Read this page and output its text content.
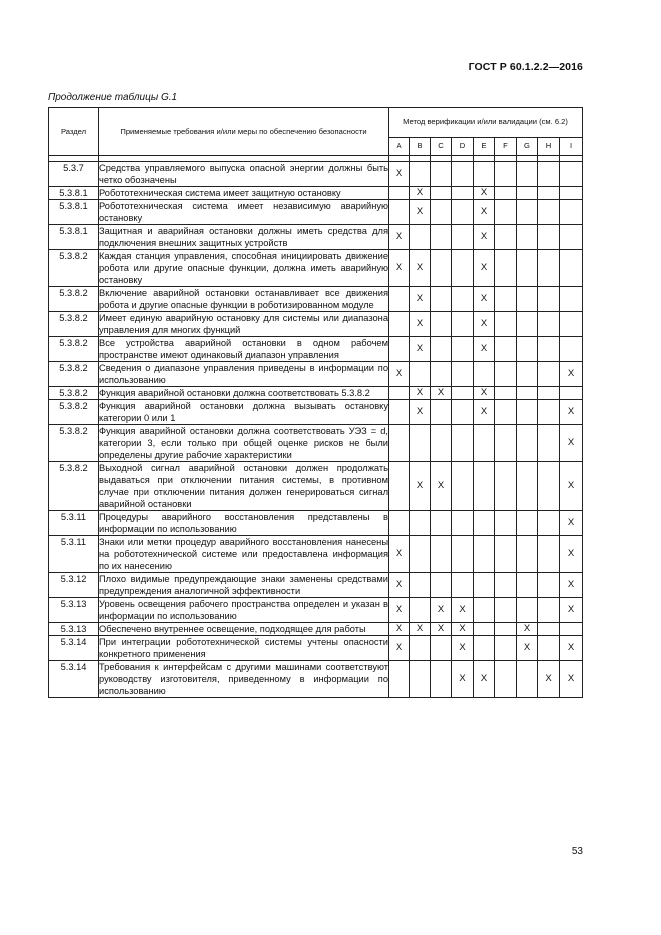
ГОСТ Р 60.1.2.2—2016
Продолжение таблицы G.1
Раздел	Применяемые требования и/или меры по обеспечению безопасности	Метод верификации и/или валидации (см. 6.2)								
		A	B	C	D	E	F	G	H	I

5.3.7	Средства управляемого выпуска опасной энергии должны быть четко обозначены	X								
5.3.8.1	Робототехническая система имеет защитную остановку		X			X				
5.3.8.1	Робототехническая система имеет независимую аварийную остановку		X			X				
5.3.8.1	Защитная и аварийная остановки должны иметь средства для подключения внешних защитных устройств	X				X				
5.3.8.2	Каждая станция управления, способная инициировать движение робота или другие опасные функции, должна иметь аварийную остановку	X	X			X				
5.3.8.2	Включение аварийной остановки останавливает все движения робота и другие опасные функции в роботизированном модуле		X			X				
5.3.8.2	Имеет единую аварийную остановку для системы или диапазона управления для многих функций		X			X				
5.3.8.2	Все устройства аварийной остановки в одном рабочем пространстве имеют одинаковый диапазон управления		X			X				
5.3.8.2	Сведения о диапазоне управления приведены в информации по использованию	X								X
5.3.8.2	Функция аварийной остановки должна соответствовать 5.3.8.2		X	X		X				
5.3.8.2	Функция аварийной остановки должна вызывать остановку категории 0 или 1		X			X				X
5.3.8.2	Функция аварийной остановки должна соответствовать УЭЗ = d, категории 3, если только при общей оценке рисков не были определены другие рабочие характеристики									X
5.3.8.2	Выходной сигнал аварийной остановки должен продолжать выдаваться при отключении питания системы, в противном случае при отключении питания должен генерироваться сигнал аварийной остановки		X	X						X
5.3.11	Процедуры аварийного восстановления представлены в информации по использованию									X
5.3.11	Знаки или метки процедур аварийного восстановления нанесены на робототехнической системе или предоставлена информация по их нанесению	X								X
5.3.12	Плохо видимые предупреждающие знаки заменены средствами предупреждения аналогичной эффективности	X								X
5.3.13	Уровень освещения рабочего пространства определен и указан в информации по использованию	X		X	X					X
5.3.13	Обеспечено внутреннее освещение, подходящее для работы	X	X	X	X			X		
5.3.14	При интеграции робототехнической системы учтены опасности конкретного применения	X			X			X		X
5.3.14	Требования к интерфейсам с другими машинами соответствуют руководству изготовителя, приведенному в информации по использованию				X	X			X	X
53
